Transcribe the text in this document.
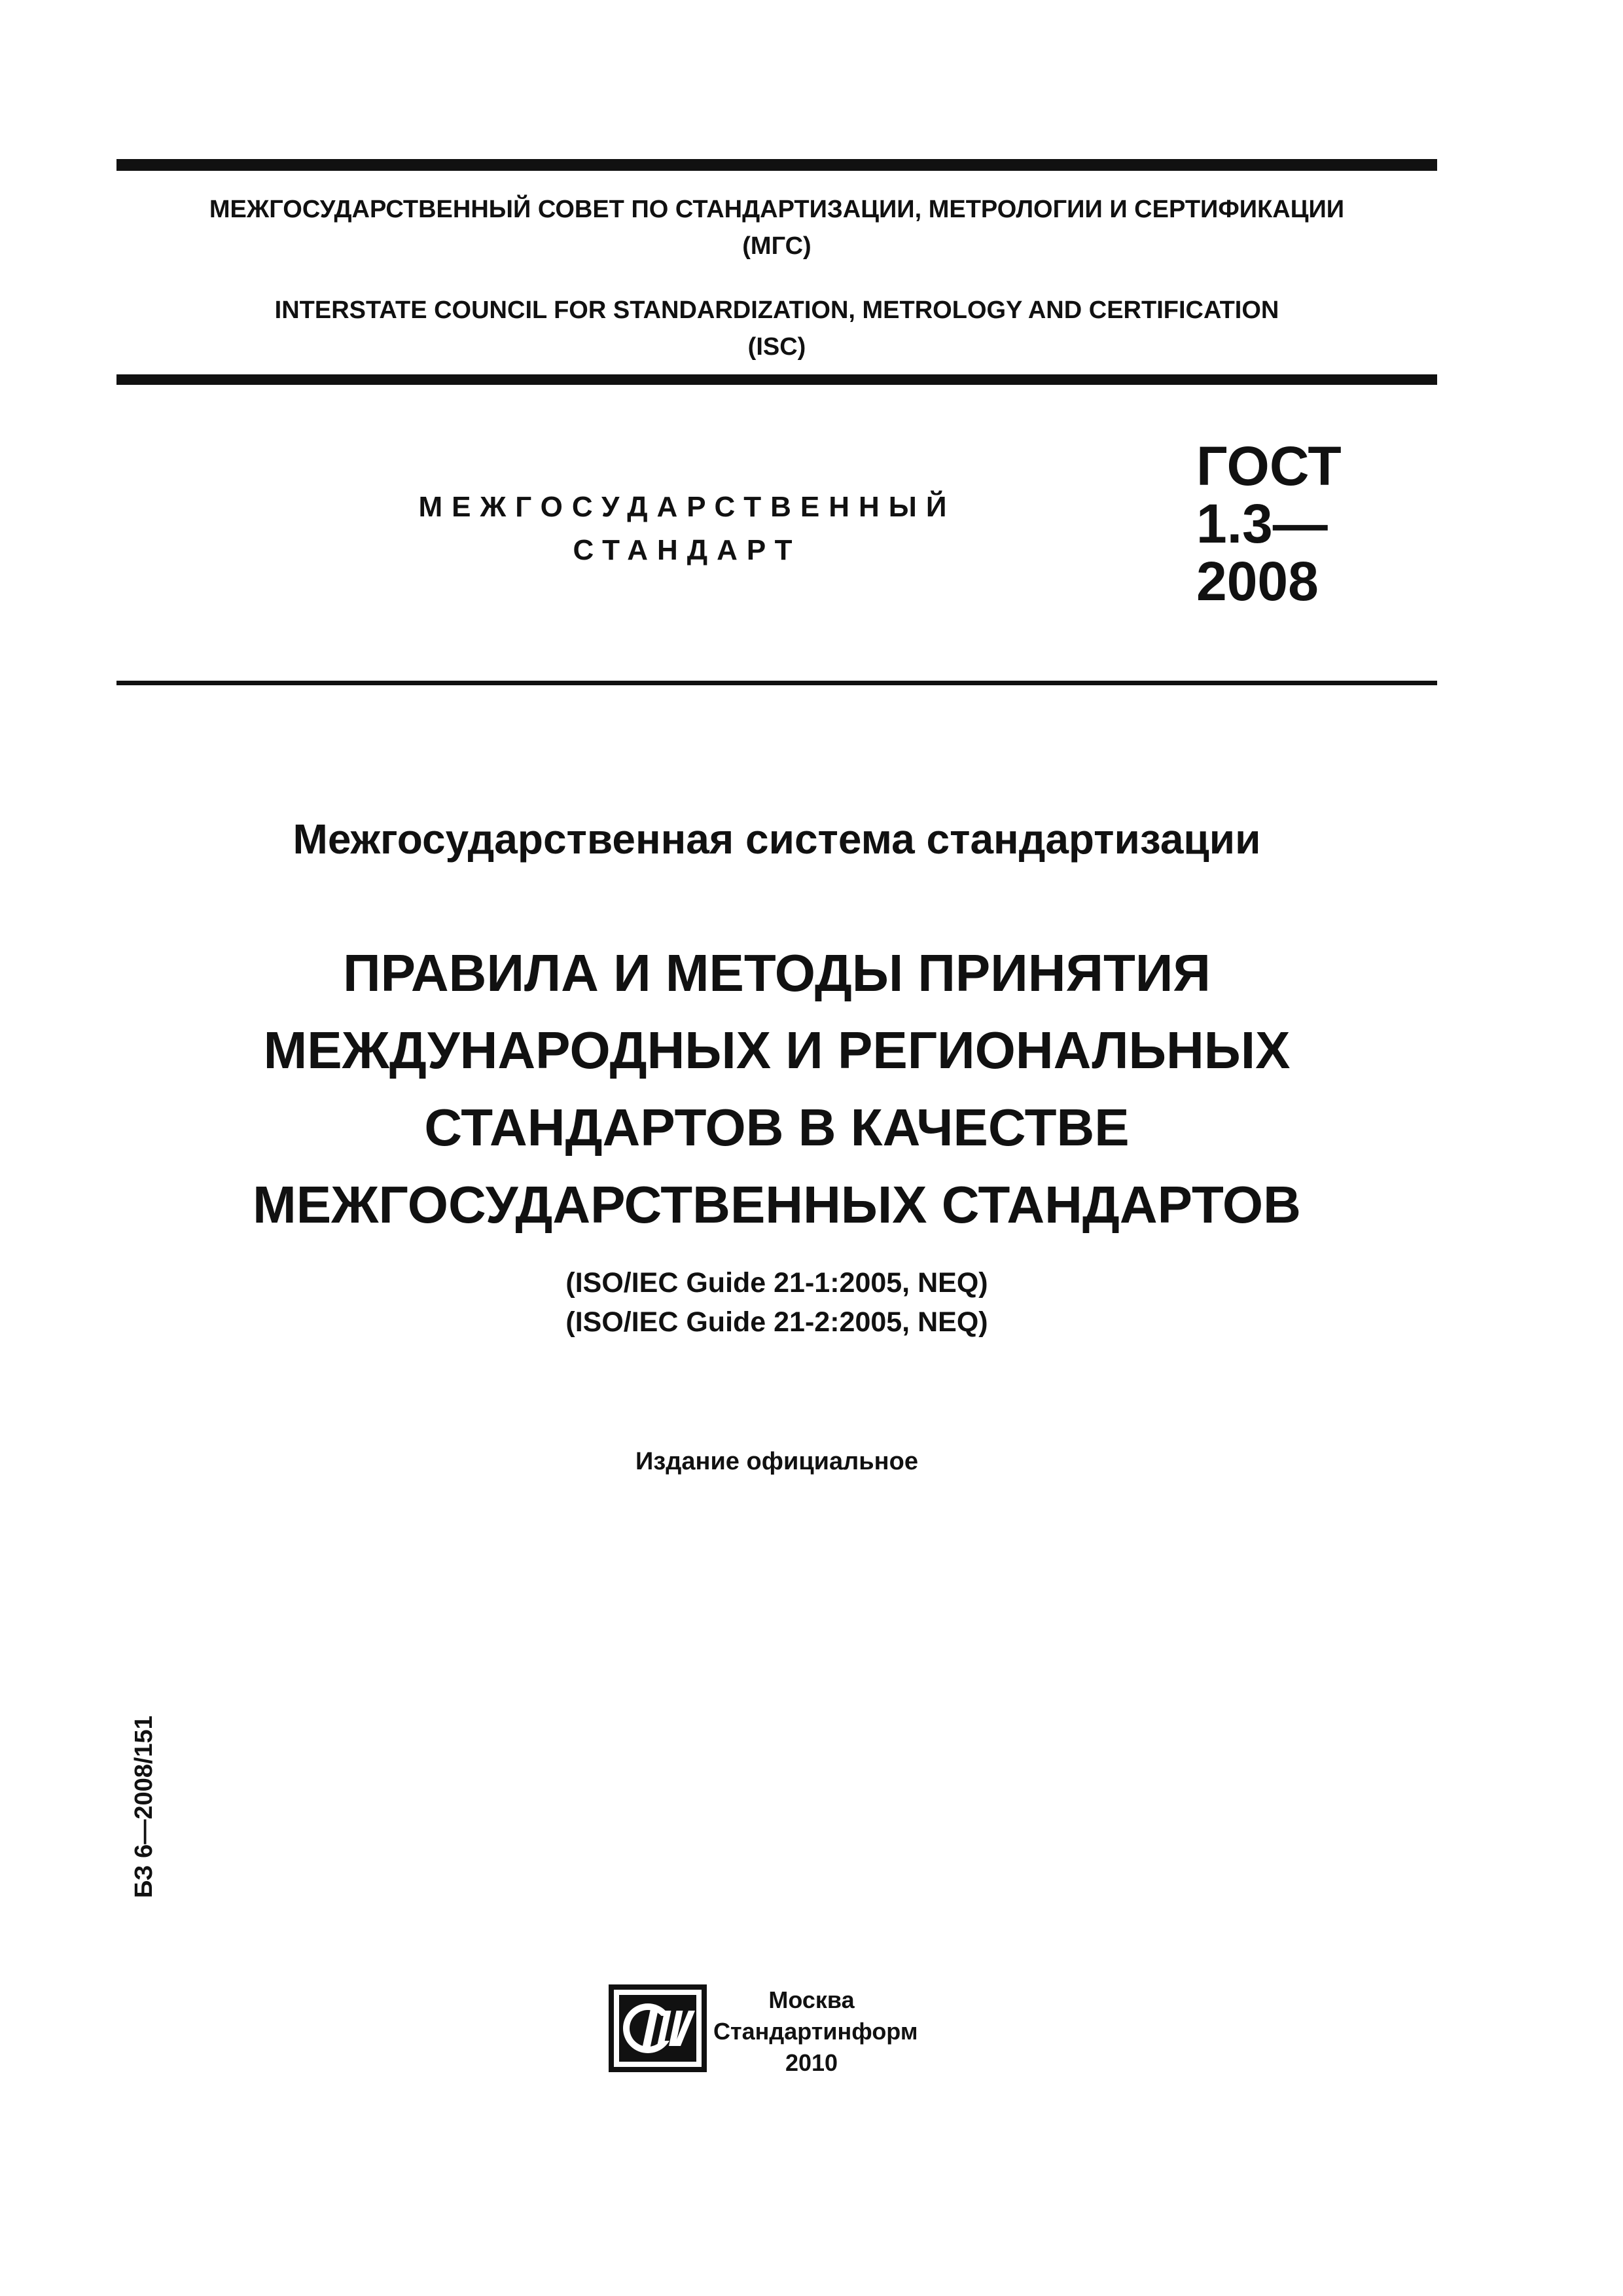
МЕЖГОСУДАРСТВЕННЫЙ СОВЕТ ПО СТАНДАРТИЗАЦИИ, МЕТРОЛОГИИ И СЕРТИФИКАЦИИ
(МГС)
INTERSTATE COUNCIL FOR STANDARDIZATION, METROLOGY AND CERTIFICATION
(ISC)
МЕЖГОСУДАРСТВЕННЫЙ
СТАНДАРТ
ГОСТ
1.3—
2008
Межгосударственная система стандартизации
ПРАВИЛА И МЕТОДЫ ПРИНЯТИЯ
МЕЖДУНАРОДНЫХ И РЕГИОНАЛЬНЫХ
СТАНДАРТОВ В КАЧЕСТВЕ
МЕЖГОСУДАРСТВЕННЫХ СТАНДАРТОВ
(ISO/IEC Guide 21-1:2005, NEQ)
(ISO/IEC Guide 21-2:2005, NEQ)
Издание официальное
БЗ 6—2008/151
Москва
Стандартинформ
2010
